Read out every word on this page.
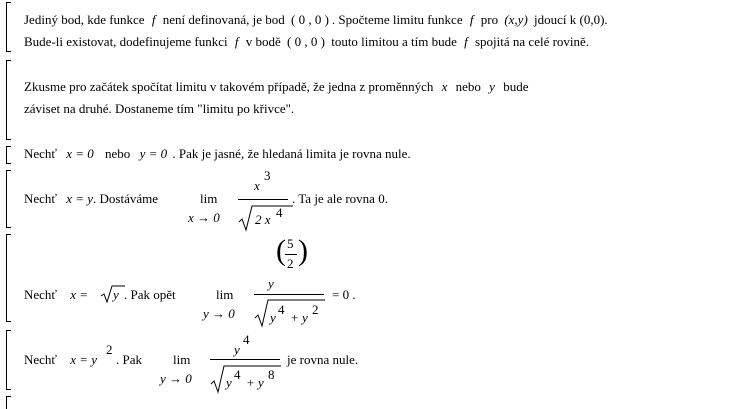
Jediný bod, kde funkce f není definovaná, je bod ( 0 , 0 ) . Spočteme limitu funkce f pro (x,y) jdoucí k (0,0).
Bude-li existovat, dodefinujeme funkci f v bodě ( 0 , 0 ) touto limitou a tím bude f spojitá na celé rovině.
Zkusme pro začátek spočítat limitu v takovém případě, že jedna z proměnných x nebo y bude
záviset na druhé. Dostaneme tím "limitu po křivce".
Nechť x = 0 nebo y = 0 . Pak je jasné, že hledaná limita je rovna nule.
Nechť x = y. Dostáváme	lim
x → 0
x
3
2 x 4
. Ta je ale rovna 0.
Nechť x = y . Pak opět	lim
y → 0
( 5
2 )
y
y
4
+ y
2
= 0 .
Nechť x = y
2
. Pak lim
y → 0
y
4
y
4
+ y
8
je rovna nule.
